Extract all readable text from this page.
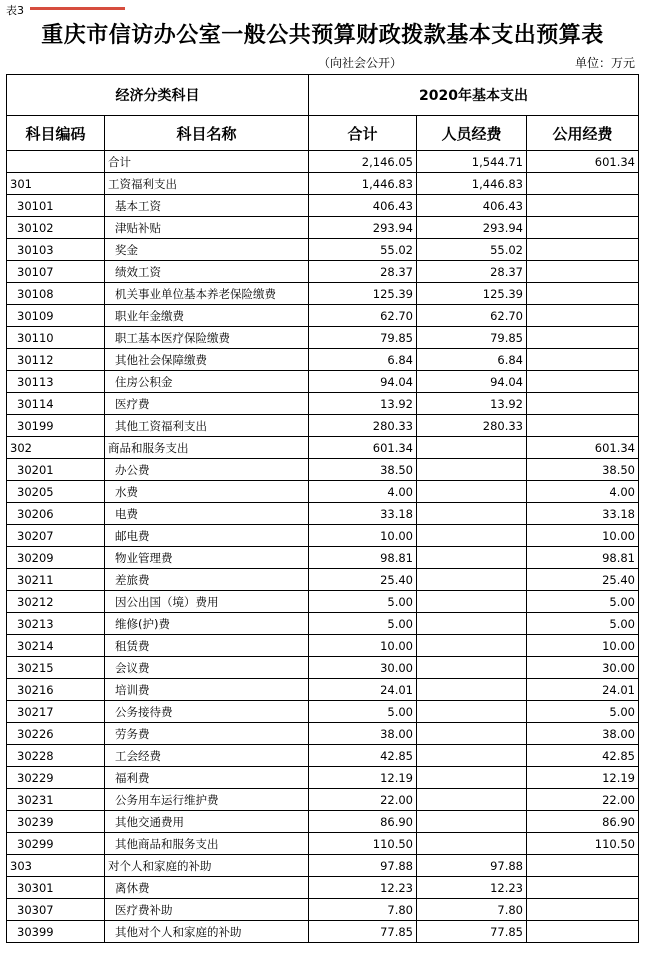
表3
重庆市信访办公室一般公共预算财政拨款基本支出预算表
（向社会公开）	单位：万元
经济分类科目		2020年基本支出		
科目编码	科目名称	合计	人员经费	公用经费
	合计	2,146.05	1,544.71	601.34
301	工资福利支出	1,446.83	1,446.83	
30101	基本工资	406.43	406.43	
30102	津贴补贴	293.94	293.94	
30103	奖金	55.02	55.02	
30107	绩效工资	28.37	28.37	
30108	机关事业单位基本养老保险缴费	125.39	125.39	
30109	职业年金缴费	62.70	62.70	
30110	职工基本医疗保险缴费	79.85	79.85	
30112	其他社会保障缴费	6.84	6.84	
30113	住房公积金	94.04	94.04	
30114	医疗费	13.92	13.92	
30199	其他工资福利支出	280.33	280.33	
302	商品和服务支出	601.34		601.34
30201	办公费	38.50		38.50
30205	水费	4.00		4.00
30206	电费	33.18		33.18
30207	邮电费	10.00		10.00
30209	物业管理费	98.81		98.81
30211	差旅费	25.40		25.40
30212	因公出国（境）费用	5.00		5.00
30213	维修(护)费	5.00		5.00
30214	租赁费	10.00		10.00
30215	会议费	30.00		30.00
30216	培训费	24.01		24.01
30217	公务接待费	5.00		5.00
30226	劳务费	38.00		38.00
30228	工会经费	42.85		42.85
30229	福利费	12.19		12.19
30231	公务用车运行维护费	22.00		22.00
30239	其他交通费用	86.90		86.90
30299	其他商品和服务支出	110.50		110.50
303	对个人和家庭的补助	97.88	97.88	
30301	离休费	12.23	12.23	
30307	医疗费补助	7.80	7.80	
30399	其他对个人和家庭的补助	77.85	77.85	
